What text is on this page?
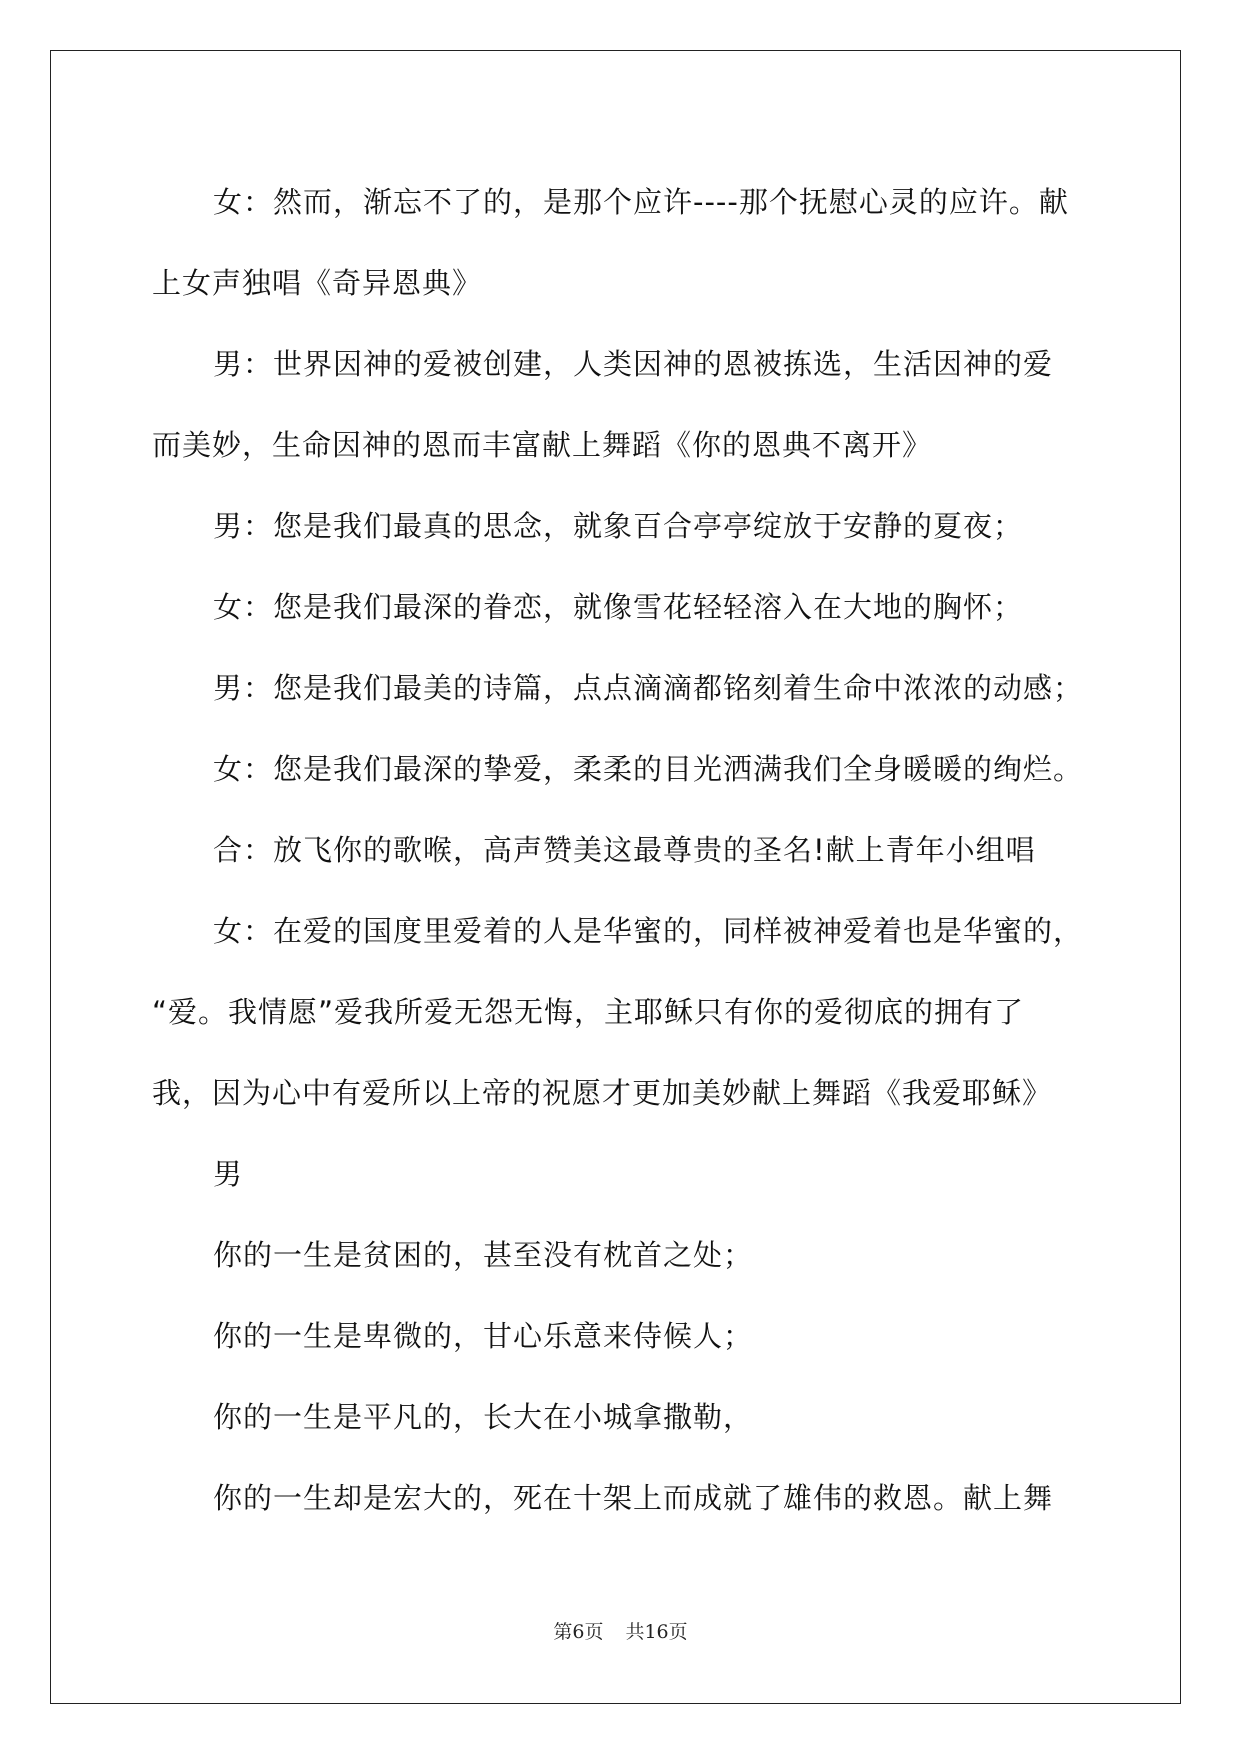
女：然而，渐忘不了的，是那个应许----那个抚慰心灵的应许。献
上女声独唱《奇异恩典》
男：世界因神的爱被创建，人类因神的恩被拣选，生活因神的爱
而美妙，生命因神的恩而丰富献上舞蹈《你的恩典不离开》
男：您是我们最真的思念，就象百合亭亭绽放于安静的夏夜；
女：您是我们最深的眷恋，就像雪花轻轻溶入在大地的胸怀；
男：您是我们最美的诗篇，点点滴滴都铭刻着生命中浓浓的动感；
女：您是我们最深的挚爱，柔柔的目光洒满我们全身暖暖的绚烂。
合：放飞你的歌喉，高声赞美这最尊贵的圣名!献上青年小组唱
女：在爱的国度里爱着的人是华蜜的，同样被神爱着也是华蜜的，
“爱。我情愿”爱我所爱无怨无悔，主耶稣只有你的爱彻底的拥有了
我，因为心中有爱所以上帝的祝愿才更加美妙献上舞蹈《我爱耶稣》
男
你的一生是贫困的，甚至没有枕首之处；
你的一生是卑微的，甘心乐意来侍候人；
你的一生是平凡的，长大在小城拿撒勒，
你的一生却是宏大的，死在十架上而成就了雄伟的救恩。献上舞
第6页 共16页
